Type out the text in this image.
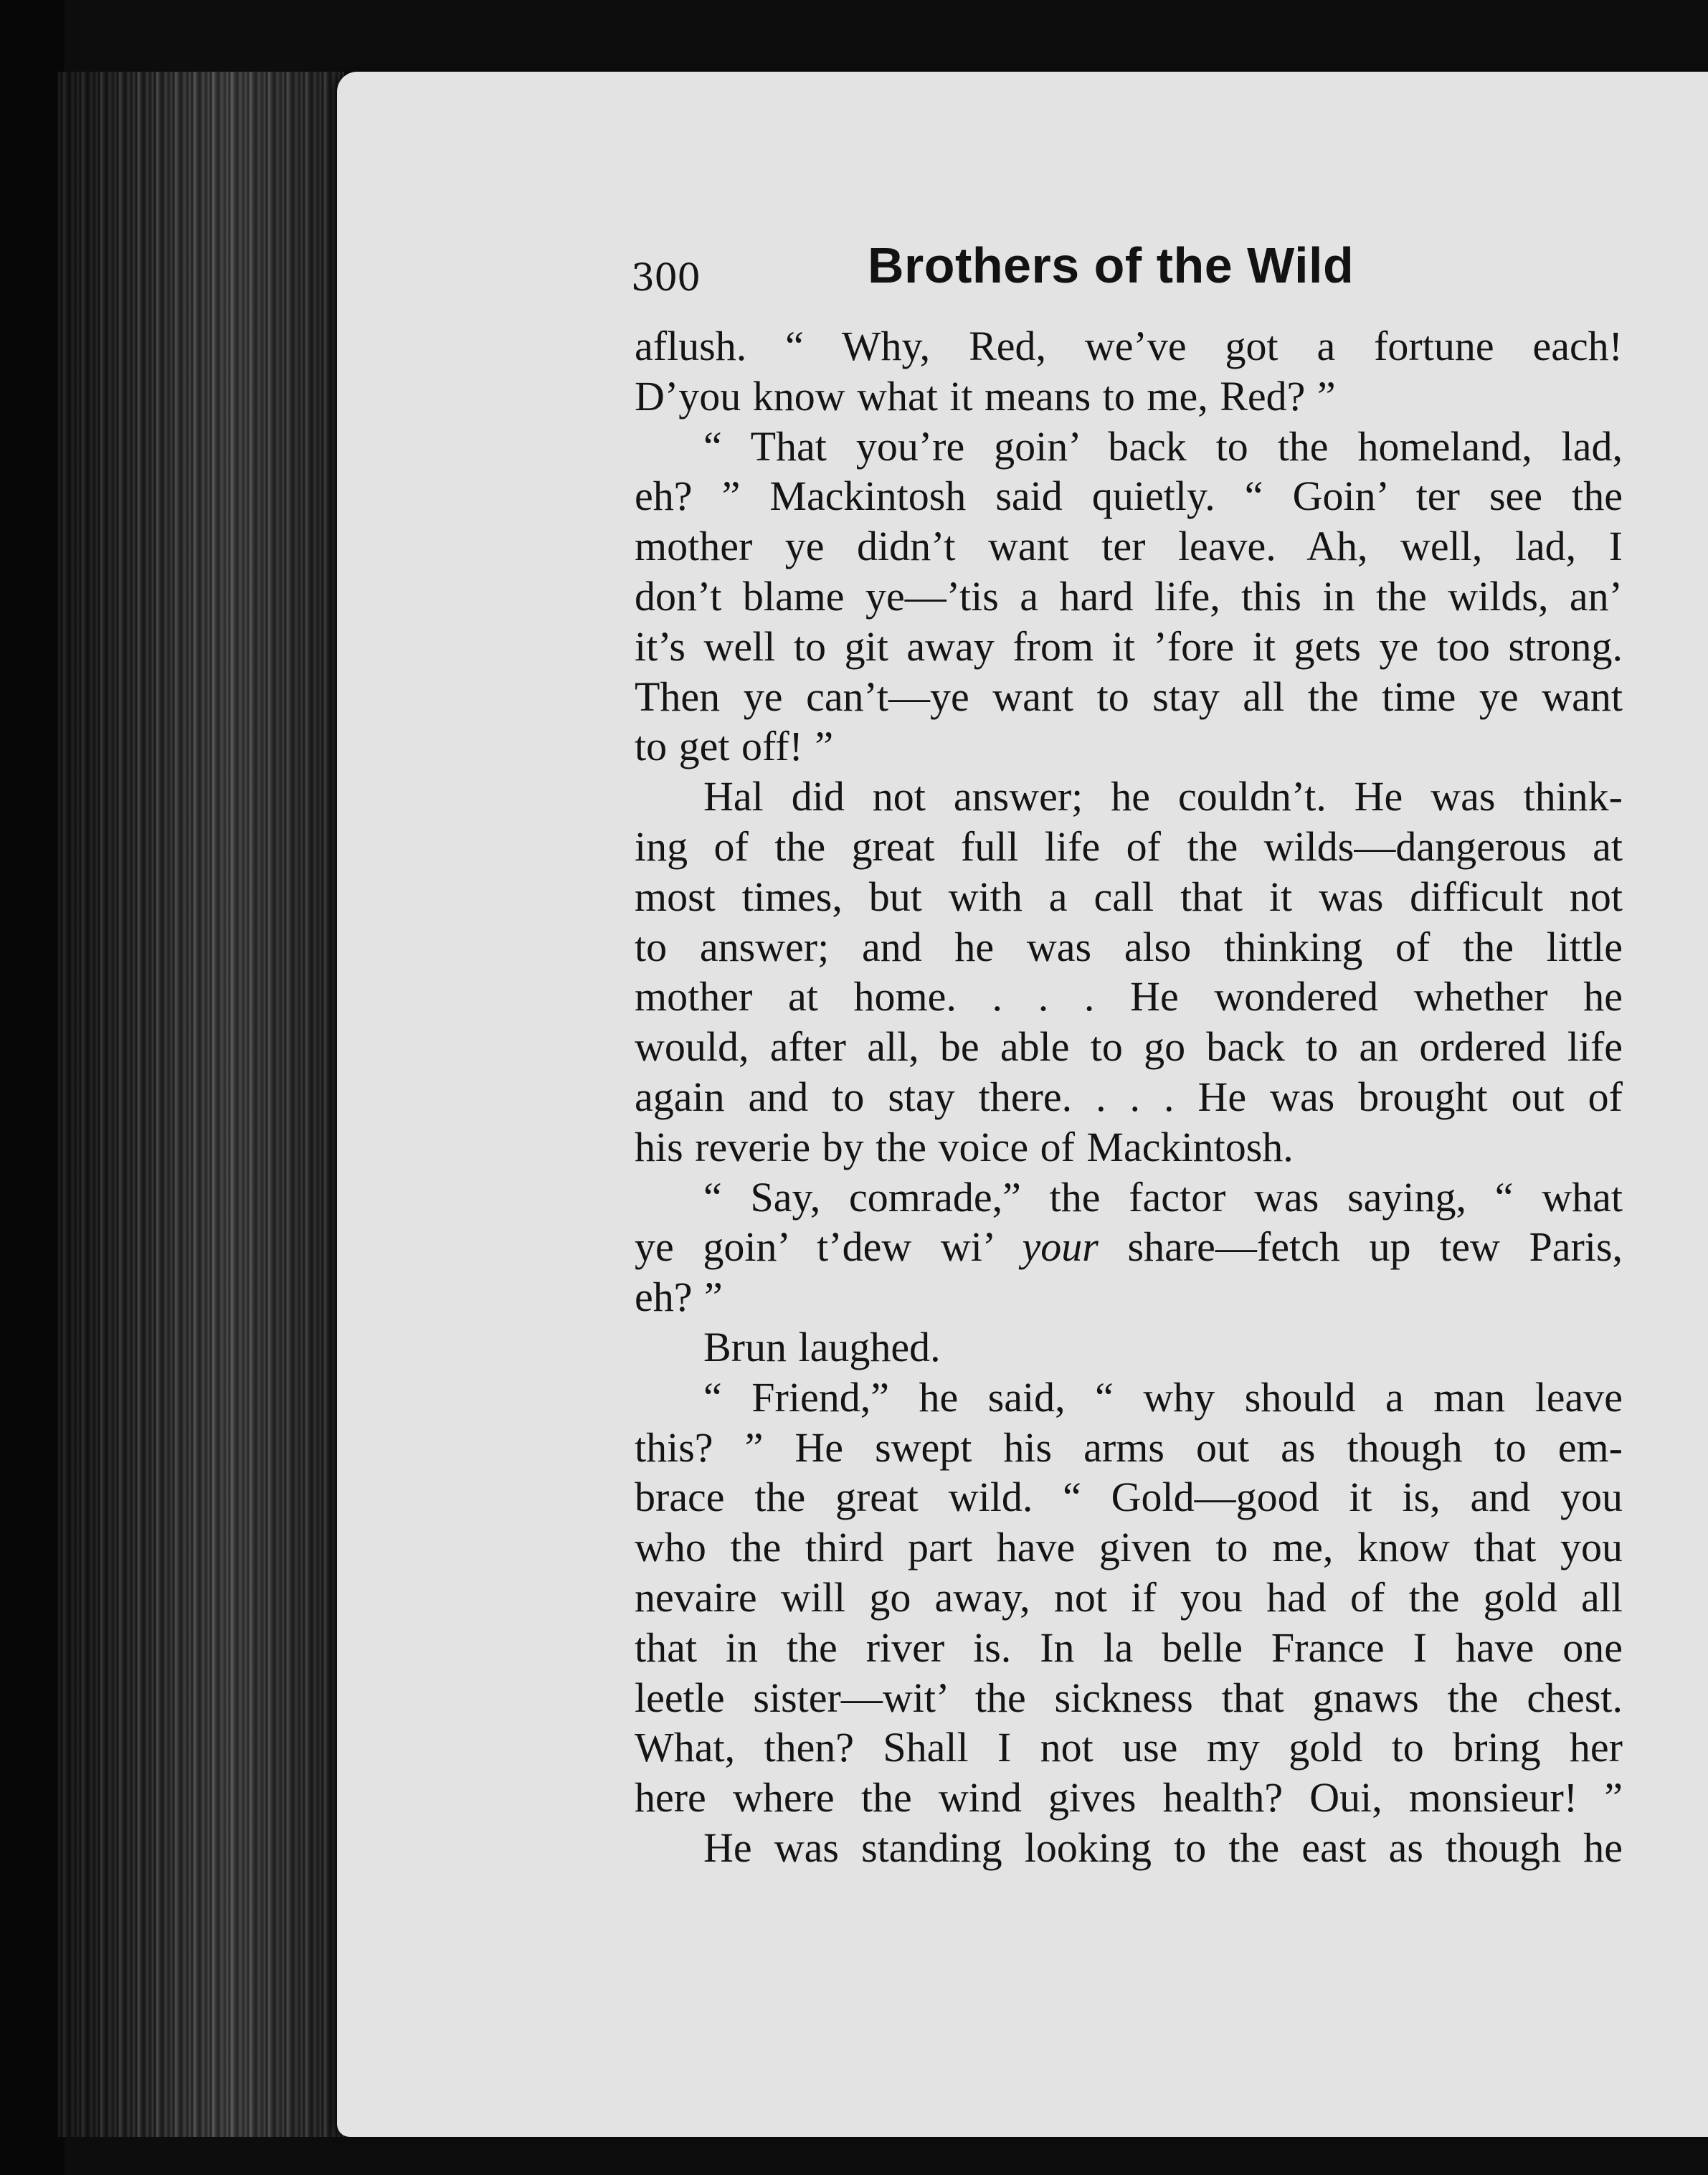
300	Brothers of the Wild
aflush. “ Why, Red, we’ve got a fortune each!
D’you know what it means to me, Red? ”
“ That you’re goin’ back to the homeland, lad,
eh? ” Mackintosh said quietly. “ Goin’ ter see the
mother ye didn’t want ter leave. Ah, well, lad, I
don’t blame ye—’tis a hard life, this in the wilds, an’
it’s well to git away from it ’fore it gets ye too strong.
Then ye can’t—ye want to stay all the time ye want
to get off! ”
Hal did not answer; he couldn’t. He was think-
ing of the great full life of the wilds—dangerous at
most times, but with a call that it was difficult not
to answer; and he was also thinking of the little
mother at home. . . . He wondered whether he
would, after all, be able to go back to an ordered life
again and to stay there. . . . He was brought out of
his reverie by the voice of Mackintosh.
“ Say, comrade,” the factor was saying, “ what
ye goin’ t’dew wi’ your share—fetch up tew Paris,
eh? ”
Brun laughed.
“ Friend,” he said, “ why should a man leave
this? ” He swept his arms out as though to em-
brace the great wild. “ Gold—good it is, and you
who the third part have given to me, know that you
nevaire will go away, not if you had of the gold all
that in the river is. In la belle France I have one
leetle sister—wit’ the sickness that gnaws the chest.
What, then? Shall I not use my gold to bring her
here where the wind gives health? Oui, monsieur! ”
He was standing looking to the east as though he
